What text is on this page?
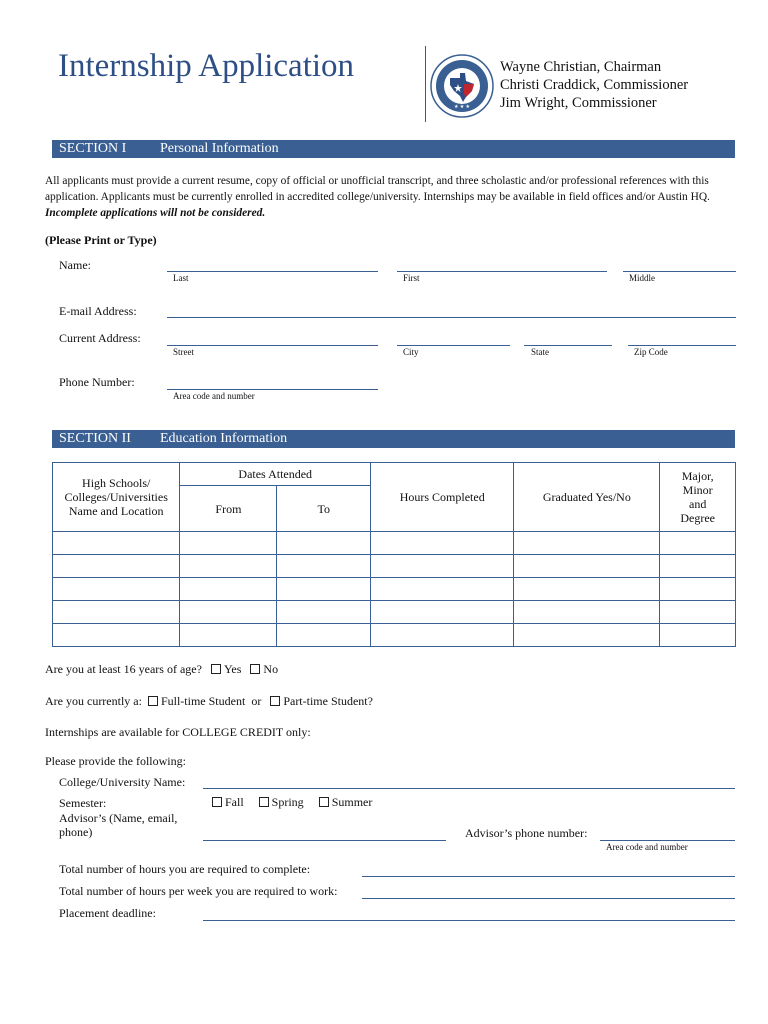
Internship Application
★ ★ ★
Wayne Christian, Chairman
Christi Craddick, Commissioner
Jim Wright, Commissioner
SECTION I Personal Information
All applicants must provide a current resume, copy of official or unofficial transcript, and three scholastic and/or professional references with this application. Applicants must be currently enrolled in accredited college/university. Internships may be available in field offices and/or Austin HQ. Incomplete applications will not be considered.
(Please Print or Type)
Name:
Last	First	Middle
E-mail Address:
Current Address:
Street	City	State	Zip Code
Phone Number:
Area code and number
SECTION II Education Information
High Schools/ Colleges/Universities Name and Location	Dates Attended		Hours Completed	Graduated Yes/No	Major, Minor and Degree
	From	To			

Are you at least 16 years of age? Yes No
Are you currently a: Full-time Student or Part-time Student?
Internships are available for COLLEGE CREDIT only:
Please provide the following:
College/University Name:
Semester:	Fall Spring Summer
Advisor’s (Name, email, phone)	Advisor’s phone number:
Area code and number
Total number of hours you are required to complete:
Total number of hours per week you are required to work:
Placement deadline:
